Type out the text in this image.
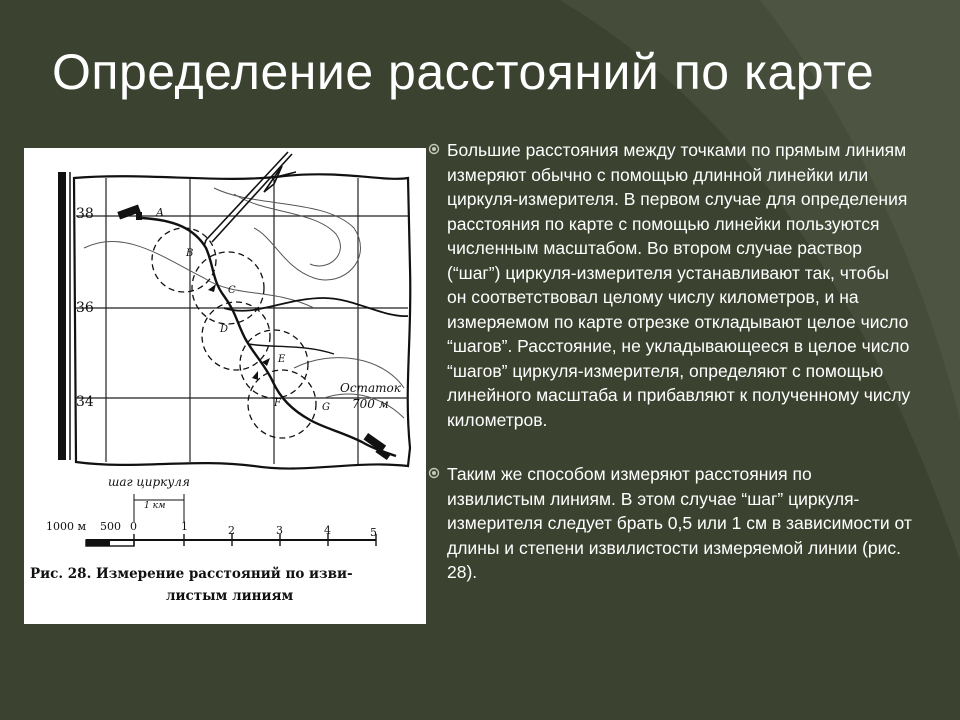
Определение расстояний по карте
38
36
34
A
B
C
D
E
F	G
Остаток
700 м
шаг циркуля
1 км
1000 м 500 0	1	2	3	4	5
Рис. 28. Измерение расстояний по изви-
листым линиям
Большие расстояния между точками по прямым линиям измеряют обычно с помощью длинной линейки или циркуля-измерителя. В первом случае для определения расстояния по карте с помощью линейки пользуются численным масштабом. Во втором случае раствор (“шаг”) циркуля-измерителя устанавливают так, чтобы он соответствовал целому числу километров, и на измеряемом по карте отрезке откладывают целое число “шагов”. Расстояние, не укладывающееся в целое число “шагов” циркуля-измерителя, определяют с помощью линейного масштаба и прибавляют к полученному числу километров.
Таким же способом измеряют расстояния по извилистым линиям. В этом случае “шаг” циркуля-измерителя следует брать 0,5 или 1 см в зависимости от длины и степени извилистости измеряемой линии (рис. 28).
